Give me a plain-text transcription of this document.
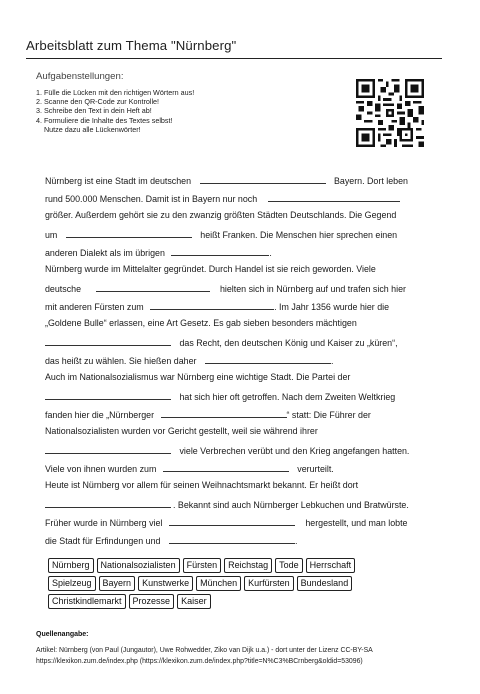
Arbeitsblatt zum Thema "Nürnberg"
Aufgabenstellungen:
1. Fülle die Lücken mit den richtigen Wörtern aus!
2. Scanne den QR-Code zur Kontrolle!
3. Schreibe den Text in dein Heft ab!
4. Formuliere die Inhalte des Textes selbst!
Nutze dazu alle Lückenwörter!
Nürnberg ist eine Stadt im deutschen	Bayern. Dort leben
rund 500.000 Menschen. Damit ist in Bayern nur noch
größer. Außerdem gehört sie zu den zwanzig größten Städten Deutschlands. Die Gegend
um	heißt Franken. Die Menschen hier sprechen einen
anderen Dialekt als im übrigen	.
Nürnberg wurde im Mittelalter gegründet. Durch Handel ist sie reich geworden. Viele
deutsche	hielten sich in Nürnberg auf und trafen sich hier
mit anderen Fürsten zum	. Im Jahr 1356 wurde hier die
„Goldene Bulle“ erlassen, eine Art Gesetz. Es gab sieben besonders mächtigen
das Recht, den deutschen König und Kaiser zu „küren“,
das heißt zu wählen. Sie hießen daher	.
Auch im Nationalsozialismus war Nürnberg eine wichtige Stadt. Die Partei der
hat sich hier oft getroffen. Nach dem Zweiten Weltkrieg
fanden hier die „Nürnberger	“ statt: Die Führer der
Nationalsozialisten wurden vor Gericht gestellt, weil sie während ihrer
viele Verbrechen verübt und den Krieg angefangen hatten.
Viele von ihnen wurden zum	verurteilt.
Heute ist Nürnberg vor allem für seinen Weihnachtsmarkt bekannt. Er heißt dort
. Bekannt sind auch Nürnberger Lebkuchen und Bratwürste.
Früher wurde in Nürnberg viel	hergestellt, und man lobte
die Stadt für Erfindungen und	.
Nürnberg	Nationalsozialisten	Fürsten	Reichstag	Tode	Herrschaft
Spielzeug	Bayern	Kunstwerke	München	Kurfürsten	Bundesland
Christkindlemarkt	Prozesse	Kaiser
Quellenangabe:
Artikel: Nürnberg (von Paul (Jungautor), Uwe Rohwedder, Ziko van Dijk u.a.) - dort unter der Lizenz CC-BY-SA
https://klexikon.zum.de/index.php (https://klexikon.zum.de/index.php?title=N%C3%BCrnberg&oldid=53096)
